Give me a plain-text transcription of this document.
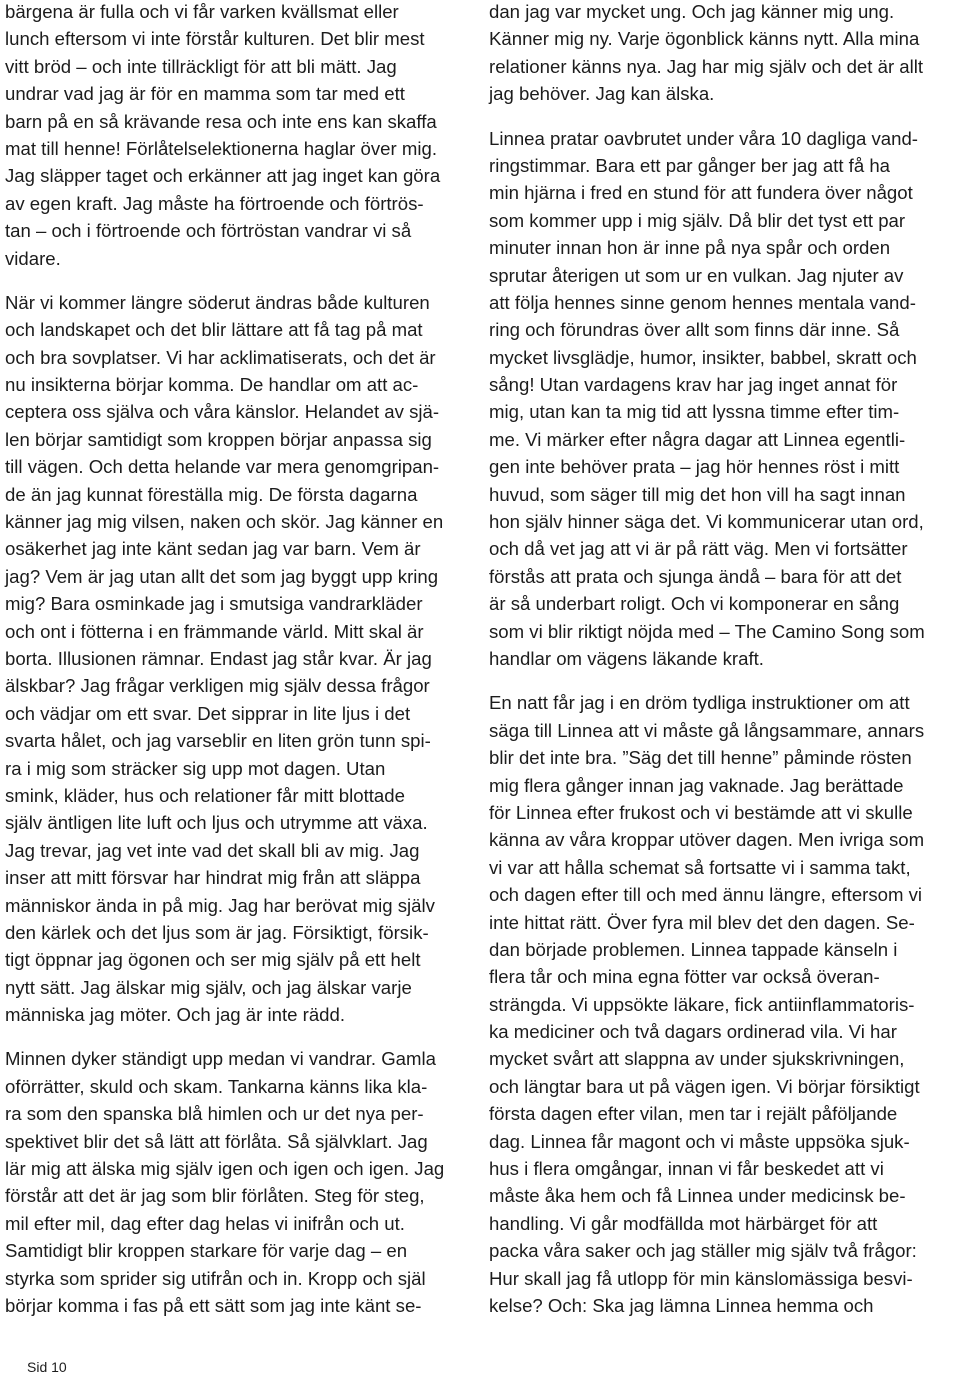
bärgena är fulla och vi får varken kvällsmat eller
lunch eftersom vi inte förstår kulturen. Det blir mest
vitt bröd – och inte tillräckligt för att bli mätt. Jag
undrar vad jag är för en mamma som tar med ett
barn på en så krävande resa och inte ens kan skaffa
mat till henne! Förlåtelselektionerna haglar över mig.
Jag släpper taget och erkänner att jag inget kan göra
av egen kraft. Jag måste ha förtroende och förtrös-
tan – och i förtroende och förtröstan vandrar vi så
vidare.
När vi kommer längre söderut ändras både kulturen
och landskapet och det blir lättare att få tag på mat
och bra sovplatser. Vi har acklimatiserats, och det är
nu insikterna börjar komma. De handlar om att ac-
ceptera oss själva och våra känslor. Helandet av sjä-
len börjar samtidigt som kroppen börjar anpassa sig
till vägen. Och detta helande var mera genomgripan-
de än jag kunnat föreställa mig. De första dagarna
känner jag mig vilsen, naken och skör. Jag känner en
osäkerhet jag inte känt sedan jag var barn. Vem är
jag? Vem är jag utan allt det som jag byggt upp kring
mig? Bara osminkade jag i smutsiga vandrarkläder
och ont i fötterna i en främmande värld. Mitt skal är
borta. Illusionen rämnar. Endast jag står kvar. Är jag
älskbar? Jag frågar verkligen mig själv dessa frågor
och vädjar om ett svar. Det sipprar in lite ljus i det
svarta hålet, och jag varseblir en liten grön tunn spi-
ra i mig som sträcker sig upp mot dagen. Utan
smink, kläder, hus och relationer får mitt blottade
själv äntligen lite luft och ljus och utrymme att växa.
Jag trevar, jag vet inte vad det skall bli av mig. Jag
inser att mitt försvar har hindrat mig från att släppa
människor ända in på mig. Jag har berövat mig själv
den kärlek och det ljus som är jag. Försiktigt, försik-
tigt öppnar jag ögonen och ser mig själv på ett helt
nytt sätt. Jag älskar mig själv, och jag älskar varje
människa jag möter. Och jag är inte rädd.
Minnen dyker ständigt upp medan vi vandrar. Gamla
oförrätter, skuld och skam. Tankarna känns lika kla-
ra som den spanska blå himlen och ur det nya per-
spektivet blir det så lätt att förlåta. Så självklart. Jag
lär mig att älska mig själv igen och igen och igen. Jag
förstår att det är jag som blir förlåten. Steg för steg,
mil efter mil, dag efter dag helas vi inifrån och ut.
Samtidigt blir kroppen starkare för varje dag – en
styrka som sprider sig utifrån och in. Kropp och själ
börjar komma i fas på ett sätt som jag inte känt se-
dan jag var mycket ung. Och jag känner mig ung.
Känner mig ny. Varje ögonblick känns nytt. Alla mina
relationer känns nya. Jag har mig själv och det är allt
jag behöver. Jag kan älska.
Linnea pratar oavbrutet under våra 10 dagliga vand-
ringstimmar. Bara ett par gånger ber jag att få ha
min hjärna i fred en stund för att fundera över något
som kommer upp i mig själv. Då blir det tyst ett par
minuter innan hon är inne på nya spår och orden
sprutar återigen ut som ur en vulkan. Jag njuter av
att följa hennes sinne genom hennes mentala vand-
ring och förundras över allt som finns där inne. Så
mycket livsglädje, humor, insikter, babbel, skratt och
sång! Utan vardagens krav har jag inget annat för
mig, utan kan ta mig tid att lyssna timme efter tim-
me. Vi märker efter några dagar att Linnea egentli-
gen inte behöver prata – jag hör hennes röst i mitt
huvud, som säger till mig det hon vill ha sagt innan
hon själv hinner säga det. Vi kommunicerar utan ord,
och då vet jag att vi är på rätt väg. Men vi fortsätter
förstås att prata och sjunga ändå – bara för att det
är så underbart roligt. Och vi komponerar en sång
som vi blir riktigt nöjda med – The Camino Song som
handlar om vägens läkande kraft.
En natt får jag i en dröm tydliga instruktioner om att
säga till Linnea att vi måste gå långsammare, annars
blir det inte bra. ”Säg det till henne” påminde rösten
mig flera gånger innan jag vaknade. Jag berättade
för Linnea efter frukost och vi bestämde att vi skulle
känna av våra kroppar utöver dagen. Men ivriga som
vi var att hålla schemat så fortsatte vi i samma takt,
och dagen efter till och med ännu längre, eftersom vi
inte hittat rätt. Över fyra mil blev det den dagen. Se-
dan började problemen. Linnea tappade känseln i
flera tår och mina egna fötter var också överan-
strängda. Vi uppsökte läkare, fick antiinflammatoris-
ka mediciner och två dagars ordinerad vila. Vi har
mycket svårt att slappna av under sjukskrivningen,
och längtar bara ut på vägen igen. Vi börjar försiktigt
första dagen efter vilan, men tar i rejält påföljande
dag. Linnea får magont och vi måste uppsöka sjuk-
hus i flera omgångar, innan vi får beskedet att vi
måste åka hem och få Linnea under medicinsk be-
handling. Vi går modfällda mot härbärget för att
packa våra saker och jag ställer mig själv två frågor:
Hur skall jag få utlopp för min känslomässiga besvi-
kelse? Och: Ska jag lämna Linnea hemma och
Sid 10
